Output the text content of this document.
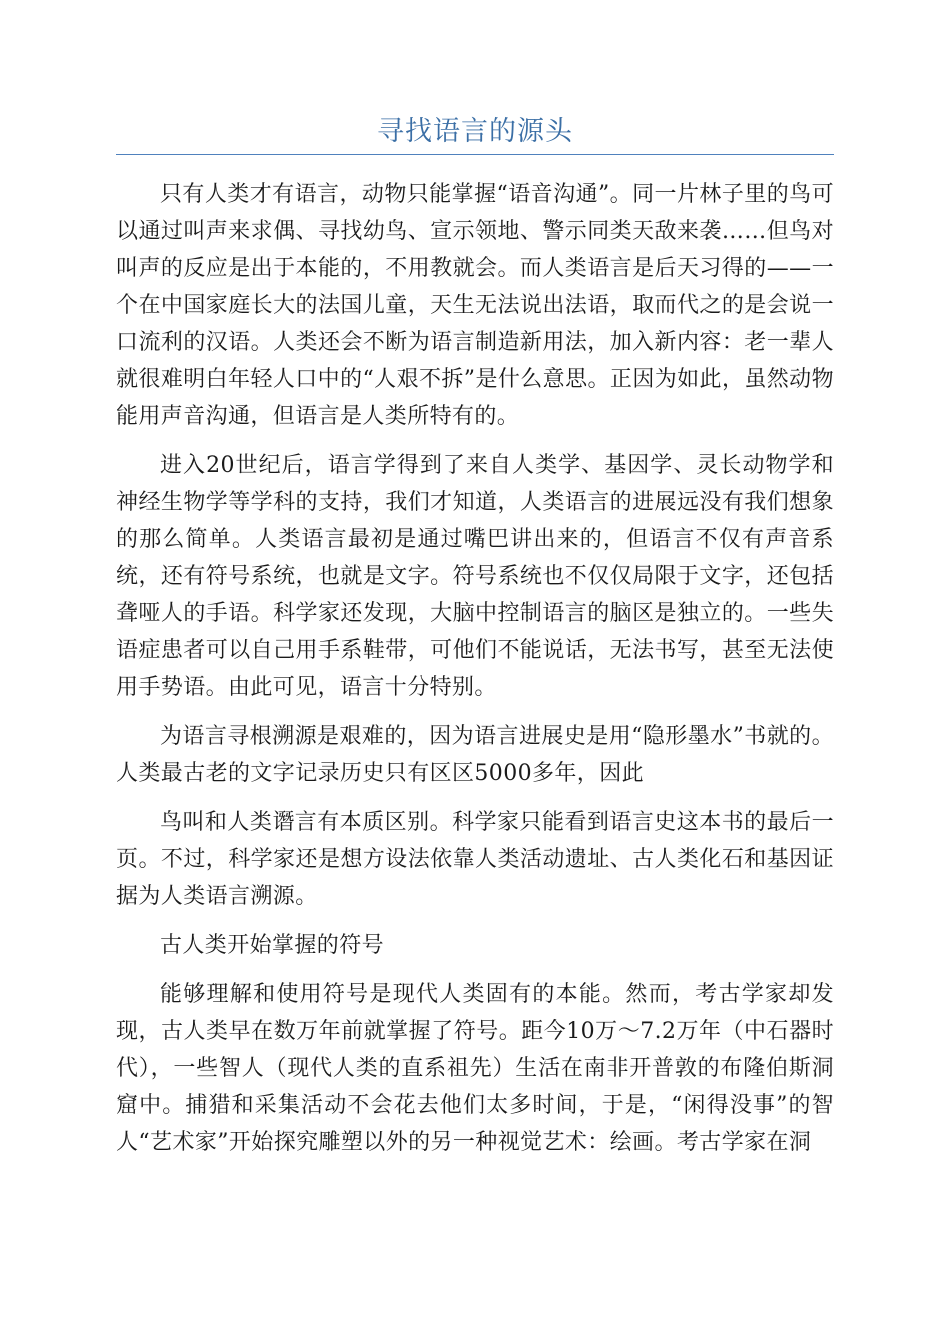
寻找语言的源头

只有人类才有语言，动物只能掌握“语音沟通”。同一片林子里的鸟可以通过叫声来求偶、寻找幼鸟、宣示领地、警示同类天敌来袭……但鸟对叫声的反应是出于本能的，不用教就会。而人类语言是后天习得的——一个在中国家庭长大的法国儿童，天生无法说出法语，取而代之的是会说一口流利的汉语。人类还会不断为语言制造新用法，加入新内容：老一辈人就很难明白年轻人口中的“人艰不拆”是什么意思。正因为如此，虽然动物能用声音沟通，但语言是人类所特有的。

进入20世纪后，语言学得到了来自人类学、基因学、灵长动物学和神经生物学等学科的支持，我们才知道，人类语言的进展远没有我们想象的那么简单。人类语言最初是通过嘴巴讲出来的，但语言不仅有声音系统，还有符号系统，也就是文字。符号系统也不仅仅局限于文字，还包括聋哑人的手语。科学家还发现，大脑中控制语言的脑区是独立的。一些失语症患者可以自己用手系鞋带，可他们不能说话，无法书写，甚至无法使用手势语。由此可见，语言十分特别。

为语言寻根溯源是艰难的，因为语言进展史是用“隐形墨水”书就的。人类最古老的文字记录历史只有区区5000多年，因此

鸟叫和人类谮言有本质区别。科学家只能看到语言史这本书的最后一页。不过，科学家还是想方设法依靠人类活动遗址、古人类化石和基因证据为人类语言溯源。

古人类开始掌握的符号

能够理解和使用符号是现代人类固有的本能。然而，考古学家却发现，古人类早在数万年前就掌握了符号。距今10万～7.2万年（中石器时代），一些智人（现代人类的直系祖先）生活在南非开普敦的布隆伯斯洞窟中。捕猎和采集活动不会花去他们太多时间，于是，“闲得没事”的智人“艺术家”开始探究雕塑以外的另一种视觉艺术：绘画。考古学家在洞
